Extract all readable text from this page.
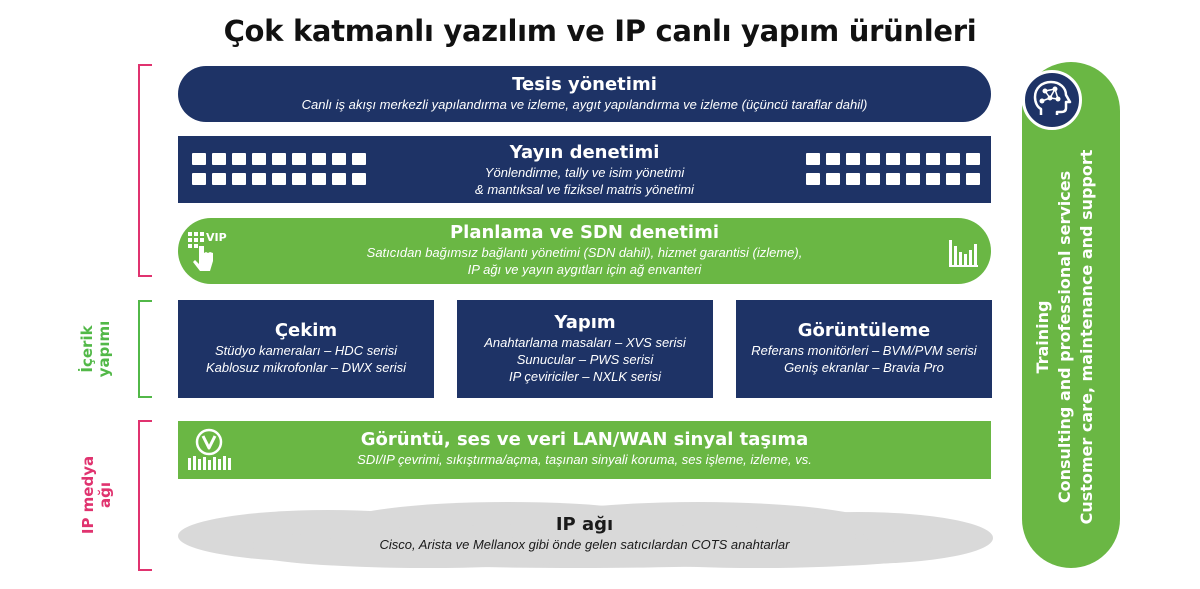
Çok katmanlı yazılım ve IP canlı yapım ürünleri
İçerik yapımı
IP medya ağı
Tesis yönetimi
Canlı iş akışı merkezli yapılandırma ve izleme, aygıt yapılandırma ve izleme (üçüncü taraflar dahil)
Yayın denetimi
Yönlendirme, tally ve isim yönetimi
& mantıksal ve fiziksel matris yönetimi
VIP	Planlama ve SDN denetimi
Satıcıdan bağımsız bağlantı yönetimi (SDN dahil), hizmet garantisi (izleme),
IP ağı ve yayın aygıtları için ağ envanteri
Çekim
Stüdyo kameraları – HDC serisi
Kablosuz mikrofonlar – DWX serisi
Yapım
Anahtarlama masaları – XVS serisi
Sunucular – PWS serisi
IP çeviriciler – NXLK serisi
Görüntüleme
Referans monitörleri – BVM/PVM serisi
Geniş ekranlar – Bravia Pro
Görüntü, ses ve veri LAN/WAN sinyal taşıma
SDI/IP çevrimi, sıkıştırma/açma, taşınan sinyali koruma, ses işleme, izleme, vs.
IP ağı
Cisco, Arista ve Mellanox gibi önde gelen satıcılardan COTS anahtarlar
Training Consulting and professional services Customer care, maintenance and support
